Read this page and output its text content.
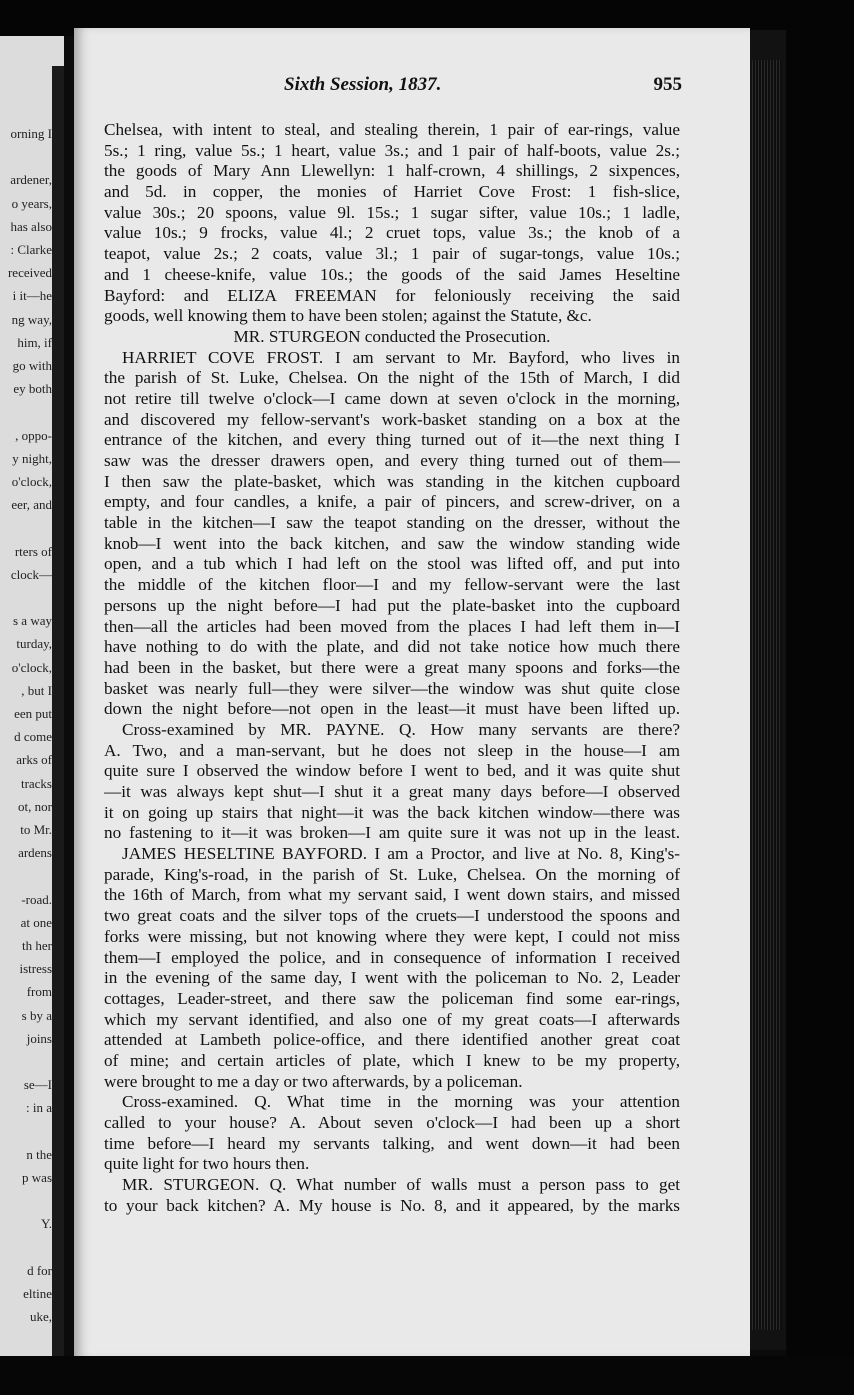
orning I
ardener,
o years,
has also
: Clarke
received
i it—he
ng way,
him, if
go with
ey both
, oppo-
y night,
o'clock,
eer, and
rters of
clock—
s a way
turday,
o'clock,
, but I
een put
d come
arks of
tracks
ot, nor
to Mr.
ardens
-road.
at one
th her
istress
from
s by a
joins
se—I
: in a
n the
p was
Y.
d for
eltine
uke,
Sixth Session, 1837.	955
Chelsea, with intent to steal, and stealing therein, 1 pair of ear-rings, value
5s.; 1 ring, value 5s.; 1 heart, value 3s.; and 1 pair of half-boots, value 2s.;
the goods of Mary Ann Llewellyn: 1 half-crown, 4 shillings, 2 sixpences,
and 5d. in copper, the monies of Harriet Cove Frost: 1 fish-slice,
value 30s.; 20 spoons, value 9l. 15s.; 1 sugar sifter, value 10s.; 1 ladle,
value 10s.; 9 frocks, value 4l.; 2 cruet tops, value 3s.; the knob of a
teapot, value 2s.; 2 coats, value 3l.; 1 pair of sugar-tongs, value 10s.;
and 1 cheese-knife, value 10s.; the goods of the said James Heseltine
Bayford: and ELIZA FREEMAN for feloniously receiving the said
goods, well knowing them to have been stolen; against the Statute, &c.
MR. STURGEON conducted the Prosecution.
HARRIET COVE FROST. I am servant to Mr. Bayford, who lives in
the parish of St. Luke, Chelsea. On the night of the 15th of March, I did
not retire till twelve o'clock—I came down at seven o'clock in the morning,
and discovered my fellow-servant's work-basket standing on a box at the
entrance of the kitchen, and every thing turned out of it—the next thing I
saw was the dresser drawers open, and every thing turned out of them—
I then saw the plate-basket, which was standing in the kitchen cupboard
empty, and four candles, a knife, a pair of pincers, and screw-driver, on a
table in the kitchen—I saw the teapot standing on the dresser, without the
knob—I went into the back kitchen, and saw the window standing wide
open, and a tub which I had left on the stool was lifted off, and put into
the middle of the kitchen floor—I and my fellow-servant were the last
persons up the night before—I had put the plate-basket into the cupboard
then—all the articles had been moved from the places I had left them in—I
have nothing to do with the plate, and did not take notice how much there
had been in the basket, but there were a great many spoons and forks—the
basket was nearly full—they were silver—the window was shut quite close
down the night before—not open in the least—it must have been lifted up.
Cross-examined by MR. PAYNE. Q. How many servants are there?
A. Two, and a man-servant, but he does not sleep in the house—I am
quite sure I observed the window before I went to bed, and it was quite shut
—it was always kept shut—I shut it a great many days before—I observed
it on going up stairs that night—it was the back kitchen window—there was
no fastening to it—it was broken—I am quite sure it was not up in the least.
JAMES HESELTINE BAYFORD. I am a Proctor, and live at No. 8, King's-
parade, King's-road, in the parish of St. Luke, Chelsea. On the morning of
the 16th of March, from what my servant said, I went down stairs, and missed
two great coats and the silver tops of the cruets—I understood the spoons and
forks were missing, but not knowing where they were kept, I could not miss
them—I employed the police, and in consequence of information I received
in the evening of the same day, I went with the policeman to No. 2, Leader
cottages, Leader-street, and there saw the policeman find some ear-rings,
which my servant identified, and also one of my great coats—I afterwards
attended at Lambeth police-office, and there identified another great coat
of mine; and certain articles of plate, which I knew to be my property,
were brought to me a day or two afterwards, by a policeman.
Cross-examined. Q. What time in the morning was your attention
called to your house? A. About seven o'clock—I had been up a short
time before—I heard my servants talking, and went down—it had been
quite light for two hours then.
MR. STURGEON. Q. What number of walls must a person pass to get
to your back kitchen? A. My house is No. 8, and it appeared, by the marks
